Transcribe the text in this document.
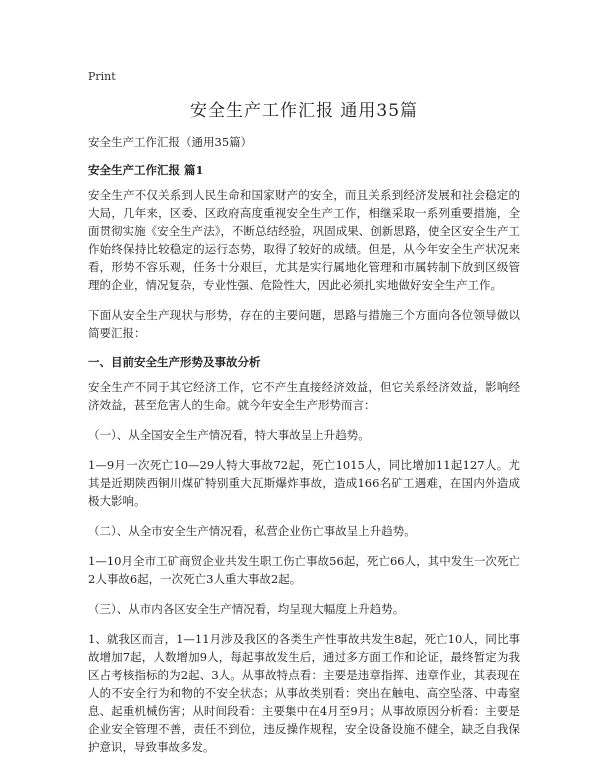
Print
安全生产工作汇报 通用35篇
安全生产工作汇报（通用35篇）
安全生产工作汇报 篇1

安全生产不仅关系到人民生命和国家财产的安全，而且关系到经济发展和社会稳定的大局，几年来，区委、区政府高度重视安全生产工作，相继采取一系列重要措施，全面贯彻实施《安全生产法》，不断总结经验，巩固成果、创新思路，使全区安全生产工作始终保持比较稳定的运行态势，取得了较好的成绩。但是，从今年安全生产状况来看，形势不容乐观，任务十分艰巨，尤其是实行属地化管理和市属转制下放到区级管理的企业，情况复杂，专业性强、危险性大，因此必须扎实地做好安全生产工作。

下面从安全生产现状与形势，存在的主要问题，思路与措施三个方面向各位领导做以简要汇报：

一、目前安全生产形势及事故分析

安全生产不同于其它经济工作，它不产生直接经济效益，但它关系经济效益，影响经济效益，甚至危害人的生命。就今年安全生产形势而言：

（一）、从全国安全生产情况看，特大事故呈上升趋势。

1—9月一次死亡10—29人特大事故72起，死亡1015人，同比增加11起127人。尤其是近期陕西铜川煤矿特别重大瓦斯爆炸事故，造成166名矿工遇难，在国内外造成极大影响。

（二）、从全市安全生产情况看，私营企业伤亡事故呈上升趋势。

1—10月全市工矿商贸企业共发生职工伤亡事故56起，死亡66人，其中发生一次死亡2人事故6起，一次死亡3人重大事故2起。

（三）、从市内各区安全生产情况看，均呈现大幅度上升趋势。

1、就我区而言，1—11月涉及我区的各类生产性事故共发生8起，死亡10人，同比事故增加7起，人数增加9人，每起事故发生后，通过多方面工作和论证，最终暂定为我区占考核指标的为2起、3人。从事故特点看：主要是违章指挥、违章作业，其表现在人的不安全行为和物的不安全状态；从事故类别看：突出在触电、高空坠落、中毒窒息、起重机械伤害；从时间段看：主要集中在4月至9月；从事故原因分析看：主要是企业安全管理不善，责任不到位，违反操作规程，安全设备设施不健全，缺乏自我保护意识，导致事故多发。
